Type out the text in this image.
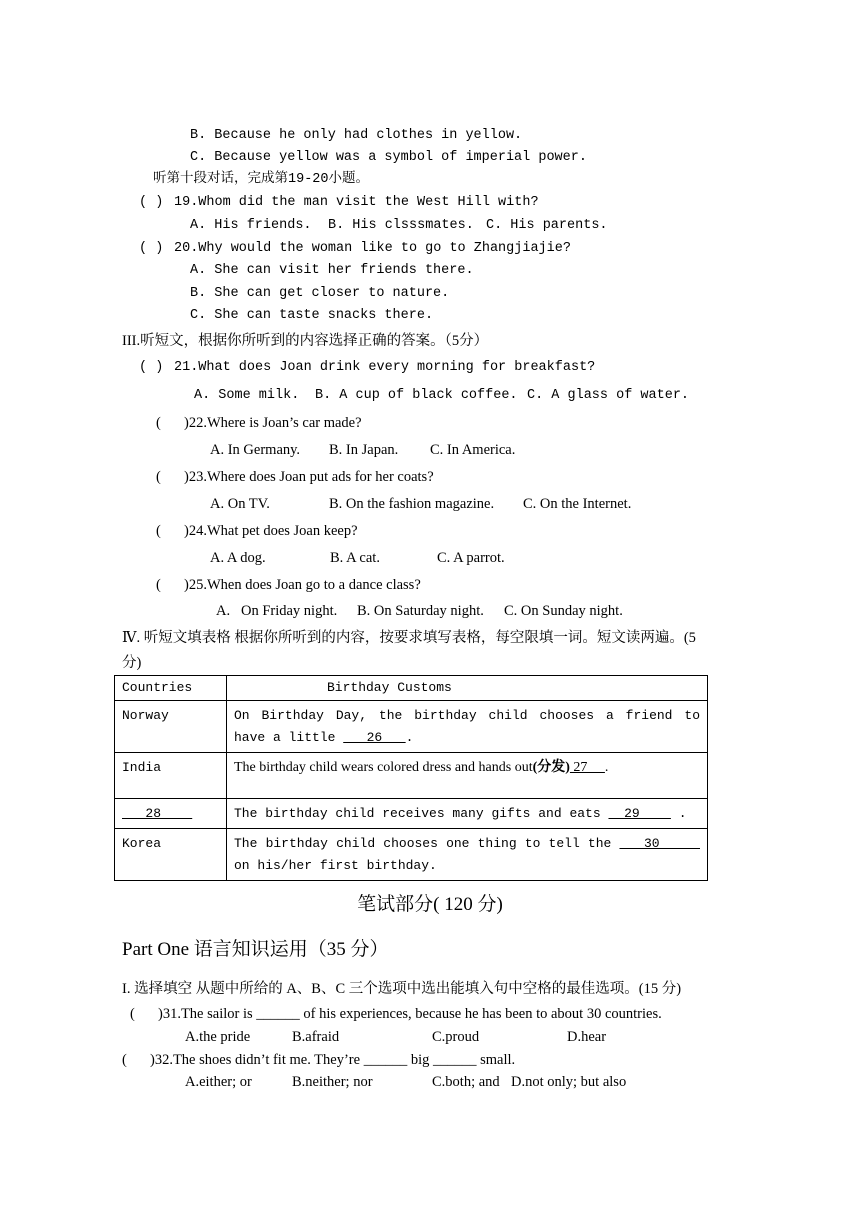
B. Because he only had clothes in yellow.
C. Because yellow was a symbol of imperial power.
听第十段对话，完成第19-20小题。
( ) 19.Whom did the man visit the West Hill with?
A. His friends. B. His clsssmates. C. His parents.
( ) 20.Why would the woman like to go to Zhangjiajie?
A. She can visit her friends there.
B. She can get closer to nature.
C. She can taste snacks there.
III.听短文，根据你所听到的内容选择正确的答案。（5分）
( ) 21.What does Joan drink every morning for breakfast?
A. Some milk. B. A cup of black coffee. C. A glass of water.
( )22.Where is Joan’s car made?
A. In Germany. B. In Japan. C. In America.
( )23.Where does Joan put ads for her coats?
A. On TV.	B. On the fashion magazine. C. On the Internet.
( )24.What pet does Joan keep?
A. A dog.	B. A cat.	C. A parrot.
( )25.When does Joan go to a dance class?
A.   On Friday night. B. On Saturday night. C. On Sunday night.
Ⅳ. 听短文填表格 根据你所听到的内容，按要求填写表格，每空限填一词。短文读两遍。(5
分)
Countries	Birthday Customs
Norway	On Birthday Day, the birthday child chooses a friend to have a little    26   .
India	The birthday child wears colored dress and hands out(分发) 27     .
28	The birthday child receives many gifts and eats   29     .
Korea	The birthday child chooses one thing to tell the    30      on his/her first birthday.
笔试部分( 120 分)
Part One 语言知识运用（35 分）
I. 选择填空 从题中所给的 A、B、C 三个选项中选出能填入句中空格的最佳选项。(15 分)
( )31.The sailor is ______ of his experiences, because he has been to about 30 countries.
A.the pride	B.afraid	C.proud	D.hear
( )32.The shoes didn’t fit me. They’re ______ big ______ small.
A.either; or	B.neither; nor	C.both; and D.not only; but also
